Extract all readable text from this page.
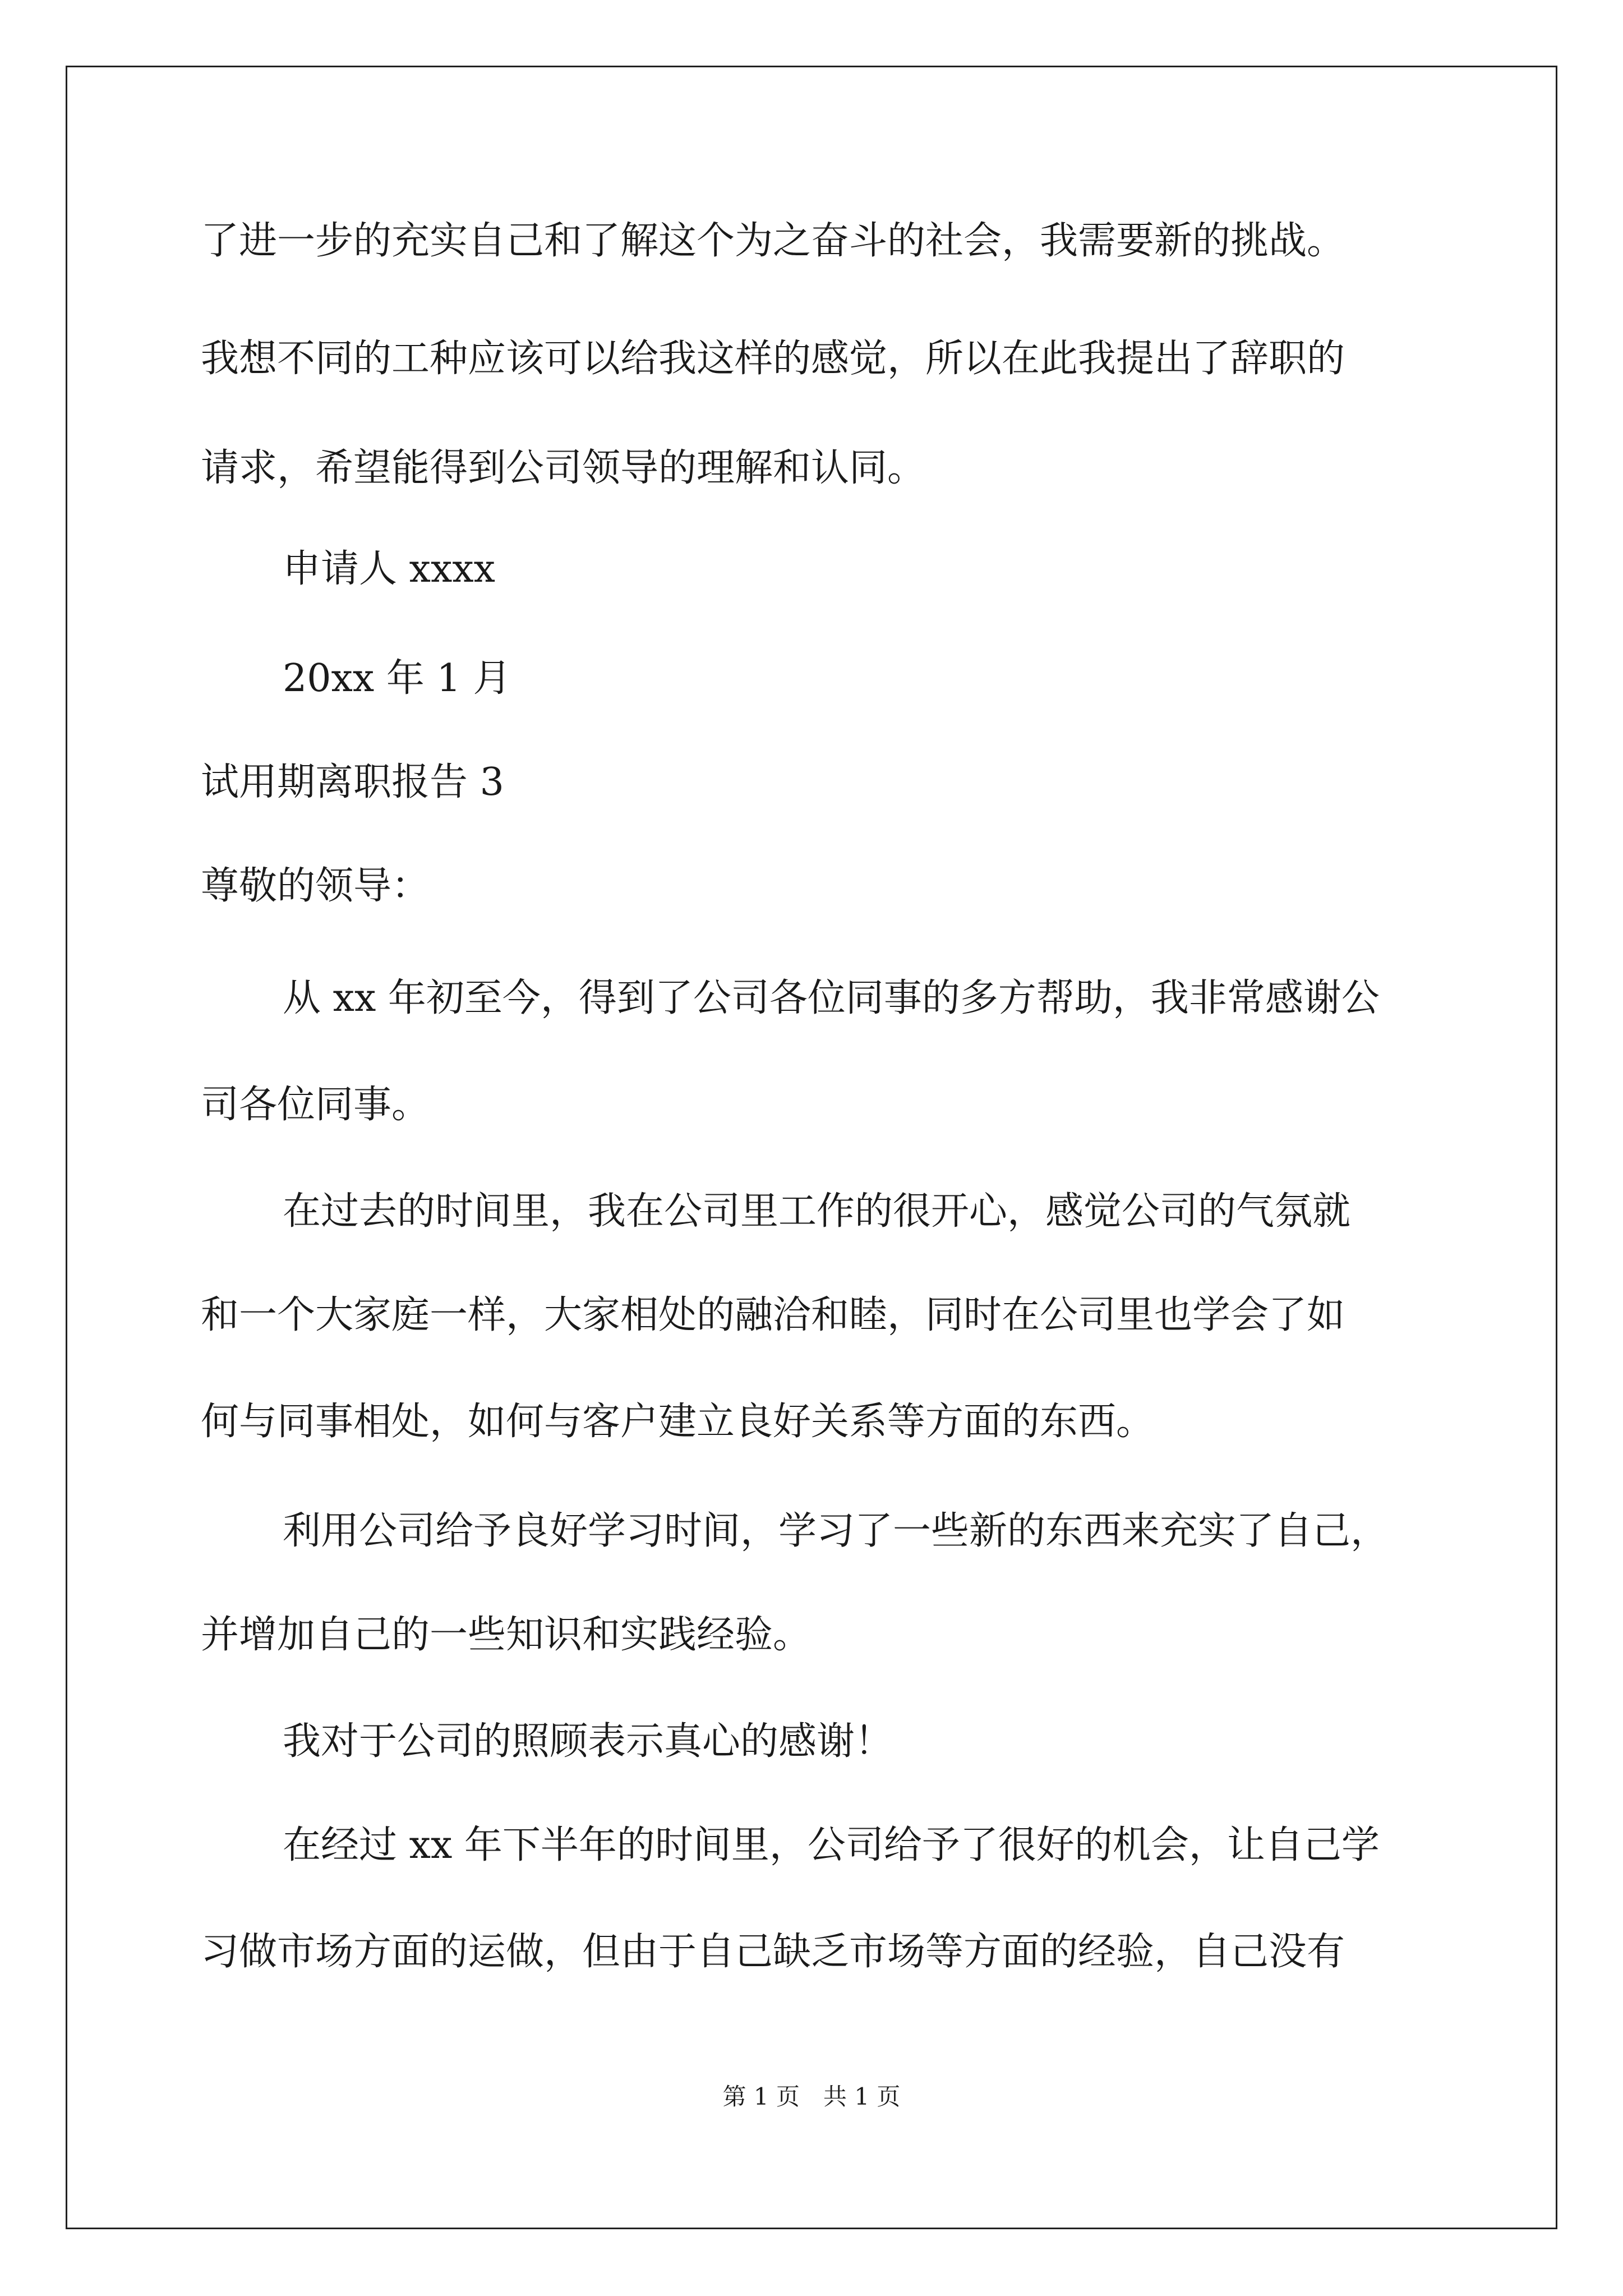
了进一步的充实自己和了解这个为之奋斗的社会，我需要新的挑战。
我想不同的工种应该可以给我这样的感觉，所以在此我提出了辞职的
请求，希望能得到公司领导的理解和认同。
申请人 xxxx
20xx 年 1 月
试用期离职报告 3
尊敬的领导：
从 xx 年初至今，得到了公司各位同事的多方帮助，我非常感谢公
司各位同事。
在过去的时间里，我在公司里工作的很开心，感觉公司的气氛就
和一个大家庭一样，大家相处的融洽和睦，同时在公司里也学会了如
何与同事相处，如何与客户建立良好关系等方面的东西。
利用公司给予良好学习时间，学习了一些新的东西来充实了自己，
并增加自己的一些知识和实践经验。
我对于公司的照顾表示真心的感谢！
在经过 xx 年下半年的时间里，公司给予了很好的机会，让自己学
习做市场方面的运做，但由于自己缺乏市场等方面的经验，自己没有
第 1 页　共 1 页
